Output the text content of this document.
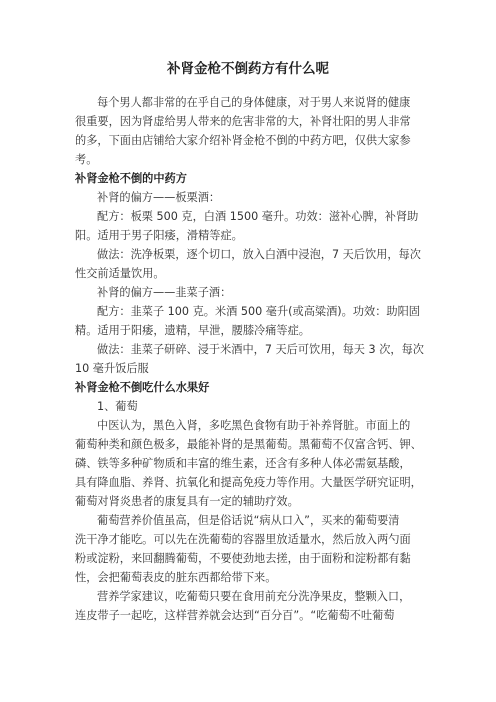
补肾金枪不倒药方有什么呢

每个男人都非常的在乎自己的身体健康，对于男人来说肾的健康

很重要，因为肾虚给男人带来的危害非常的大，补肾壮阳的男人非常

的多，下面由店铺给大家介绍补肾金枪不倒的中药方吧，仅供大家参

考。

补肾金枪不倒的中药方

补肾的偏方——板栗酒：

配方：板栗 500 克，白酒 1500 毫升。功效：滋补心脾，补肾助

阳。适用于男子阳痿，滑精等症。

做法：洗净板栗，逐个切口，放入白酒中浸泡，7 天后饮用，每次

性交前适量饮用。

补肾的偏方——韭菜子酒：

配方：韭菜子 100 克。米酒 500 毫升(或高粱酒)。功效：助阳固

精。适用于阳痿，遗精，早泄，腰膝冷痛等症。

做法：韭菜子研碎、浸于米酒中，7 天后可饮用，每天 3 次，每次

10 毫升饭后服

补肾金枪不倒吃什么水果好

1、葡萄

中医认为，黑色入肾，多吃黑色食物有助于补养肾脏。市面上的

葡萄种类和颜色极多，最能补肾的是黑葡萄。黑葡萄不仅富含钙、钾、

磷、铁等多种矿物质和丰富的维生素，还含有多种人体必需氨基酸，

具有降血脂、养肾、抗氧化和提高免疫力等作用。大量医学研究证明，

葡萄对肾炎患者的康复具有一定的辅助疗效。

葡萄营养价值虽高，但是俗话说“病从口入”，买来的葡萄要清

洗干净才能吃。可以先在洗葡萄的容器里放适量水，然后放入两勺面

粉或淀粉，来回翻腾葡萄，不要使劲地去搓，由于面粉和淀粉都有黏

性，会把葡萄表皮的脏东西都给带下来。

营养学家建议，吃葡萄只要在食用前充分洗净果皮，整颗入口，

连皮带子一起吃，这样营养就会达到“百分百”。“吃葡萄不吐葡萄
